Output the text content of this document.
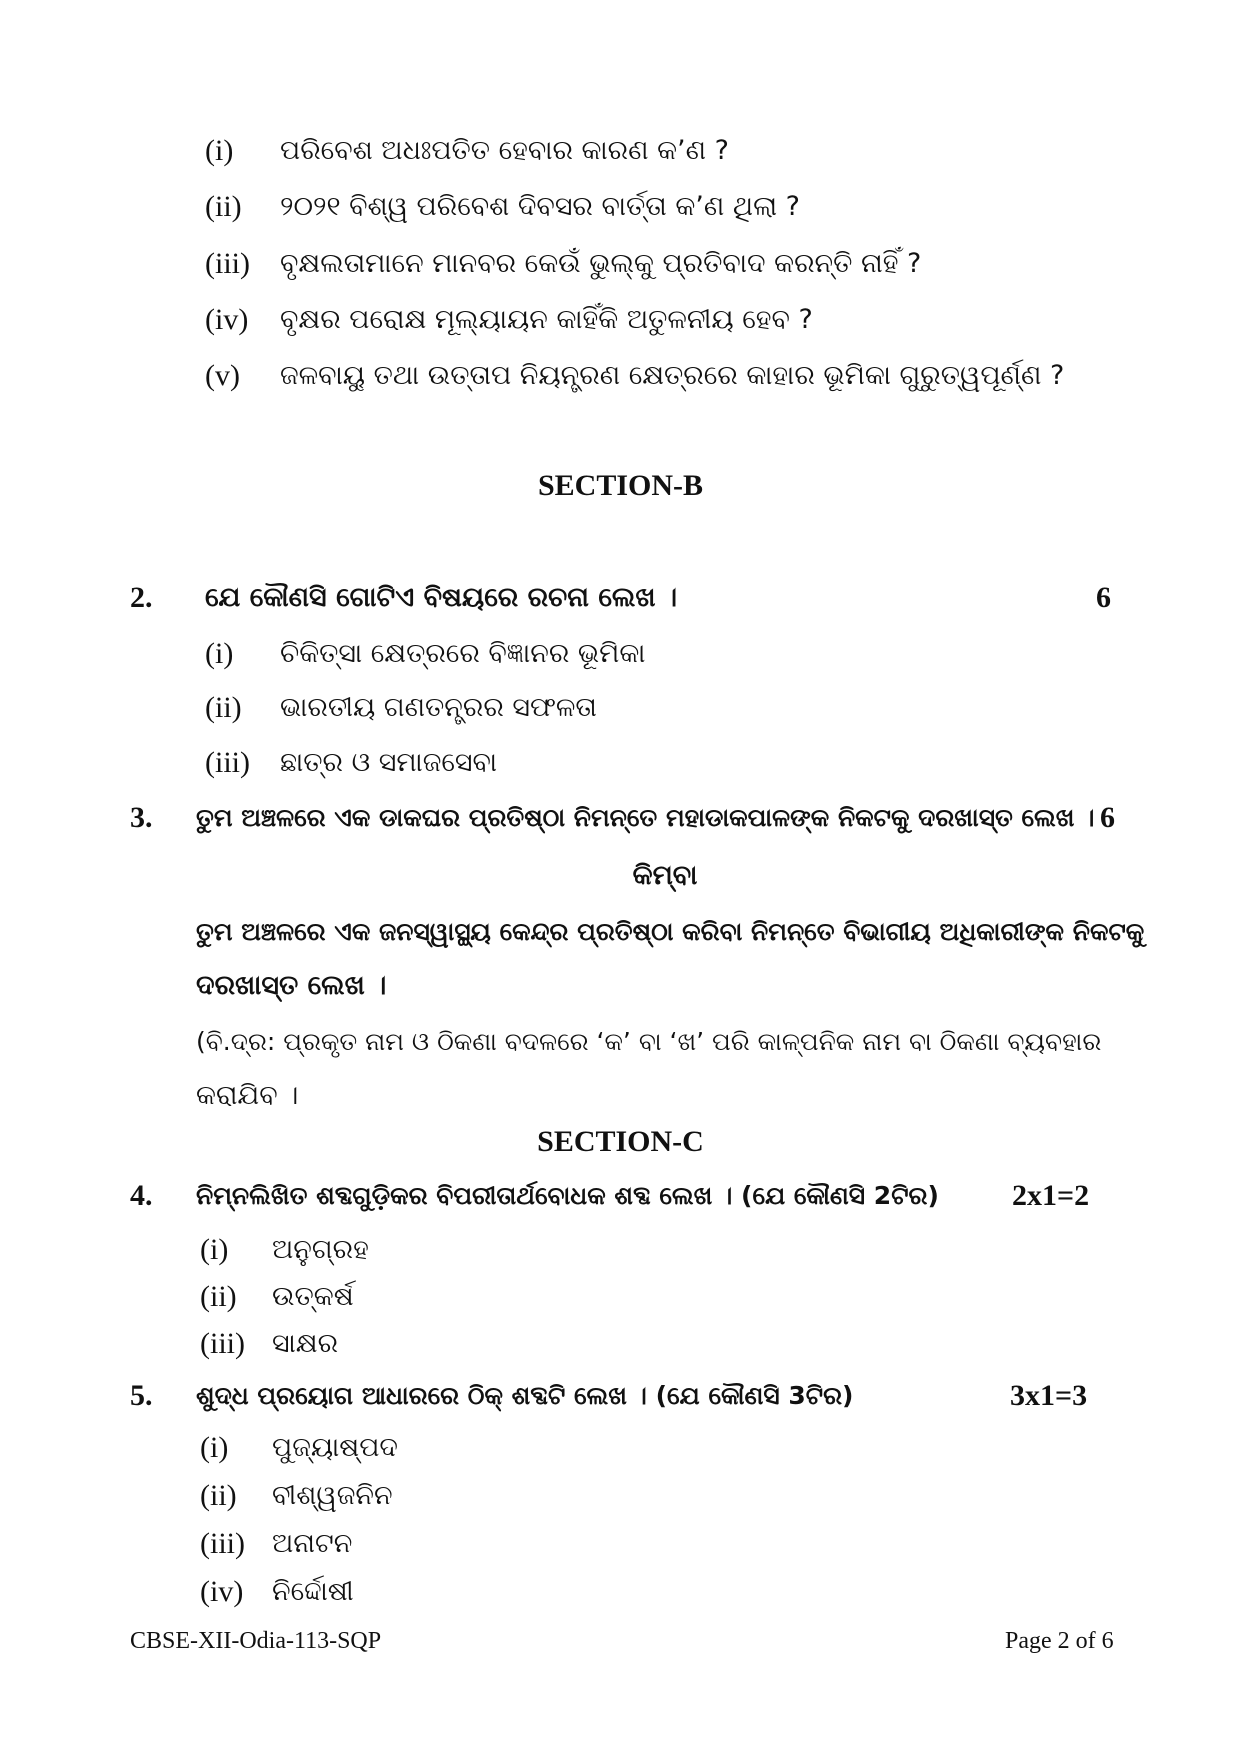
(i) ପରିବେଶ ଅଧଃପତିତ ହେବାର କାରଣ କ’ଣ ?
(ii) ୨୦୨୧ ବିଶ୍ୱ ପରିବେଶ ଦିବସର ବାର୍ତ୍ତା କ’ଣ ଥିଲା ?
(iii) ବୃକ୍ଷଲତାମାନେ ମାନବର କେଉଁ ଭୁଲ୍‌କୁ ପ୍ରତିବାଦ କରନ୍ତି ନାହିଁ ?
(iv) ବୃକ୍ଷର ପରୋକ୍ଷ ମୂଲ୍ୟାୟନ କାହିଁକି ଅତୁଳନୀୟ ହେବ ?
(v) ଜଳବାୟୁ ତଥା ଉତ୍ତାପ ନିୟନ୍ତ୍ରଣ କ୍ଷେତ୍ରରେ କାହାର ଭୂମିକା ଗୁରୁତ୍ୱପୂର୍ଣ୍ଣ ?
SECTION-B
2. ଯେ କୌଣସି ଗୋଟିଏ ବିଷୟରେ ରଚନା ଲେଖ ।	6
(i) ଚିକିତ୍ସା କ୍ଷେତ୍ରରେ ବିଜ୍ଞାନର ଭୂମିକା
(ii) ଭାରତୀୟ ଗଣତନ୍ତ୍ରର ସଫଳତା
(iii) ଛାତ୍ର ଓ ସମାଜସେବା
3. ତୁମ ଅଞ୍ଚଳରେ ଏକ ଡାକଘର ପ୍ରତିଷ୍ଠା ନିମନ୍ତେ ମହାଡାକପାଳଙ୍କ ନିକଟକୁ ଦରଖାସ୍ତ ଲେଖ । 6
କିମ୍ବା
ତୁମ ଅଞ୍ଚଳରେ ଏକ ଜନସ୍ୱାସ୍ଥ୍ୟ କେନ୍ଦ୍ର ପ୍ରତିଷ୍ଠା କରିବା ନିମନ୍ତେ ବିଭାଗୀୟ ଅଧିକାରୀଙ୍କ ନିକଟକୁ
ଦରଖାସ୍ତ ଲେଖ ।
(ବି.ଦ୍ର: ପ୍ରକୃତ ନାମ ଓ ଠିକଣା ବଦଳରେ ‘କ’ ବା ‘ଖ’ ପରି କାଳ୍ପନିକ ନାମ ବା ଠିକଣା ବ୍ୟବହାର
କରାଯିବ ।
SECTION-C
4. ନିମ୍ନଲିଖିତ ଶବ୍ଦଗୁଡ଼ିକର ବିପରୀତାର୍ଥବୋଧକ ଶବ୍ଦ ଲେଖ । (ଯେ କୌଣସି 2ଟିର) 2x1=2
(i) ଅନୁଗ୍ରହ
(ii) ଉତ୍କର୍ଷ
(iii) ସାକ୍ଷର
5. ଶୁଦ୍ଧ ପ୍ରୟୋଗ ଆଧାରରେ ଠିକ୍ ଶବ୍ଦଟି ଲେଖ । (ଯେ କୌଣସି 3ଟିର)	3x1=3
(i) ପୁଜ୍ୟାଷ୍ପଦ
(ii) ବୀଶ୍ୱଜନିନ
(iii) ଅନାଟନ
(iv) ନିର୍ଦ୍ଦୋଷୀ
CBSE-XII-Odia-113-SQP	Page 2 of 6
